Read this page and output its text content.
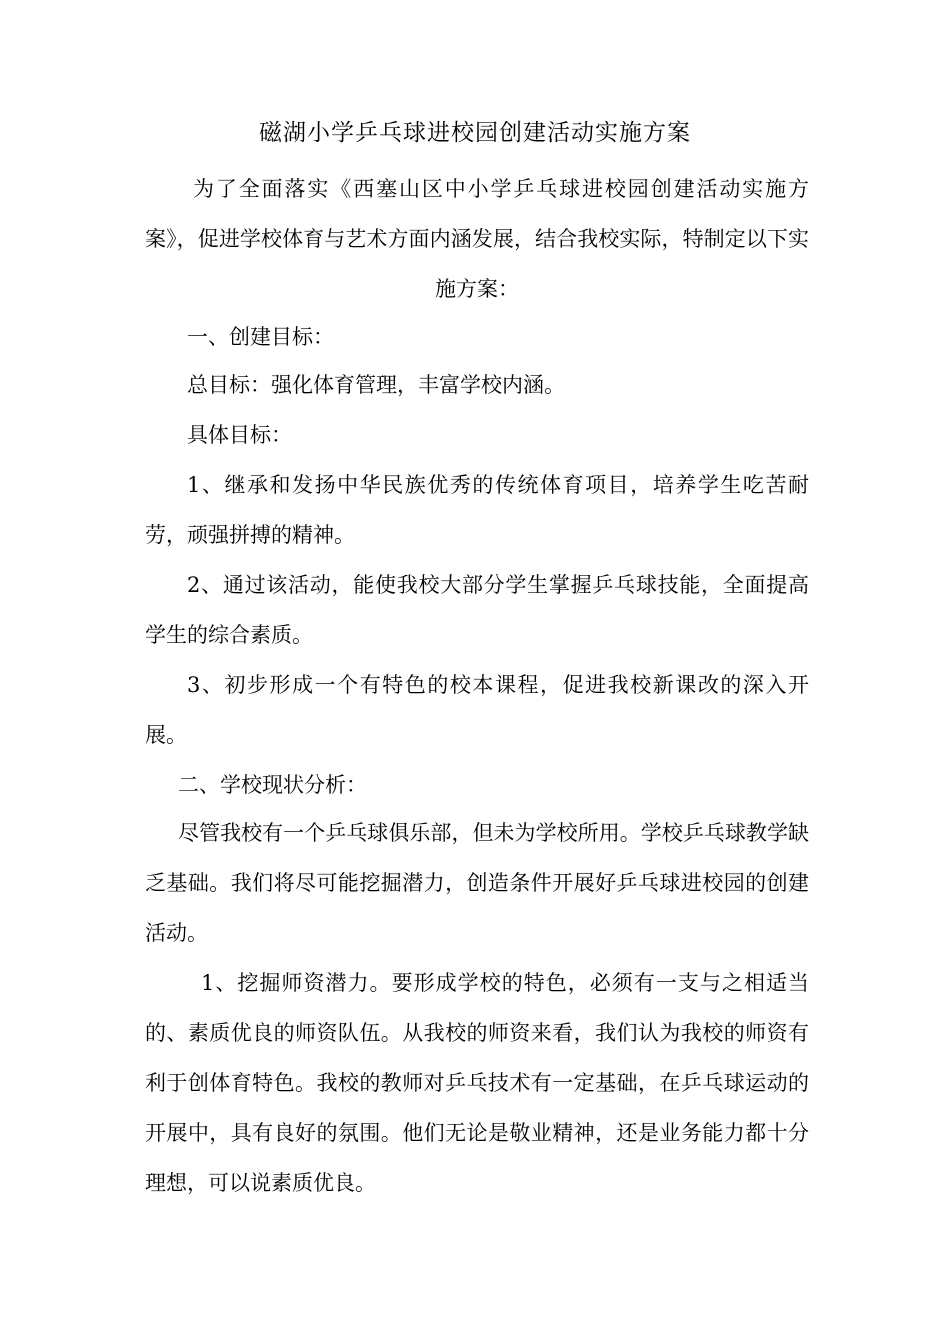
磁湖小学乒乓球进校园创建活动实施方案

为了全面落实《西塞山区中小学乒乓球进校园创建活动实施方案》，促进学校体育与艺术方面内涵发展，结合我校实际，特制定以下实施方案：

一、创建目标：

总目标：强化体育管理，丰富学校内涵。

具体目标：

1、继承和发扬中华民族优秀的传统体育项目，培养学生吃苦耐劳，顽强拼搏的精神。

2、通过该活动，能使我校大部分学生掌握乒乓球技能，全面提高学生的综合素质。

3、初步形成一个有特色的校本课程，促进我校新课改的深入开展。

二、学校现状分析：

尽管我校有一个乒乓球俱乐部，但未为学校所用。学校乒乓球教学缺乏基础。我们将尽可能挖掘潜力，创造条件开展好乒乓球进校园的创建活动。

1、挖掘师资潜力。要形成学校的特色，必须有一支与之相适当的、素质优良的师资队伍。从我校的师资来看，我们认为我校的师资有利于创体育特色。我校的教师对乒乓技术有一定基础，在乒乓球运动的开展中，具有良好的氛围。他们无论是敬业精神，还是业务能力都十分理想，可以说素质优良。
